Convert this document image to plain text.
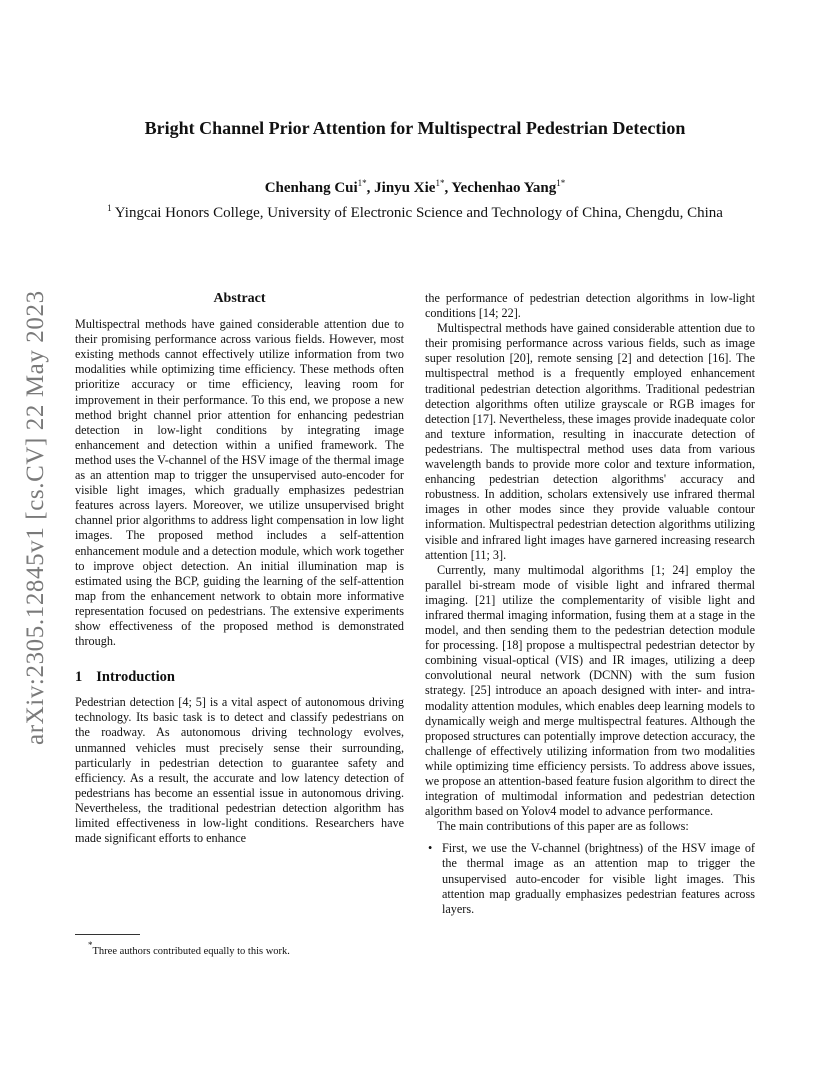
arXiv:2305.12845v1 [cs.CV] 22 May 2023
Bright Channel Prior Attention for Multispectral Pedestrian Detection
Chenhang Cui$^{1*}$, Jinyu Xie$^{1*}$, Yechenhao Yang$^{1*}$
$^1$ Yingcai Honors College, University of Electronic Science and Technology of China, Chengdu, China
Abstract

Multispectral methods have gained considerable attention due to their promising performance across various fields. However, most existing methods cannot effectively utilize information from two modalities while optimizing time efficiency. These methods often prioritize accuracy or time efficiency, leaving room for improvement in their performance. To this end, we propose a new method bright channel prior attention for enhancing pedestrian detection in low-light conditions by integrating image enhancement and detection within a unified framework. The method uses the V-channel of the HSV image of the thermal image as an attention map to trigger the unsupervised auto-encoder for visible light images, which gradually emphasizes pedestrian features across layers. Moreover, we utilize unsupervised bright channel prior algorithms to address light compensation in low light images. The proposed method includes a self-attention enhancement module and a detection module, which work together to improve object detection. An initial illumination map is estimated using the BCP, guiding the learning of the self-attention map from the enhancement network to obtain more informative representation focused on pedestrians. The extensive experiments show effectiveness of the proposed method is demonstrated through.

1 Introduction

Pedestrian detection [4; 5] is a vital aspect of autonomous driving technology. Its basic task is to detect and classify pedestrians on the roadway. As autonomous driving technology evolves, unmanned vehicles must precisely sense their surrounding, particularly in pedestrian detection to guarantee safety and efficiency. As a result, the accurate and low latency detection of pedestrians has become an essential issue in autonomous driving. Nevertheless, the traditional pedestrian detection algorithm has limited effectiveness in low-light conditions. Researchers have made significant efforts to enhance

the performance of pedestrian detection algorithms in low-light conditions [14; 22].

Multispectral methods have gained considerable attention due to their promising performance across various fields, such as image super resolution [20], remote sensing [2] and detection [16]. The multispectral method is a frequently employed enhancement traditional pedestrian detection algorithms. Traditional pedestrian detection algorithms often utilize grayscale or RGB images for detection [17]. Nevertheless, these images provide inadequate color and texture information, resulting in inaccurate detection of pedestrians. The multispectral method uses data from various wavelength bands to provide more color and texture information, enhancing pedestrian detection algorithms' accuracy and robustness. In addition, scholars extensively use infrared thermal images in other modes since they provide valuable contour information. Multispectral pedestrian detection algorithms utilizing visible and infrared light images have garnered increasing research attention [11; 3].

Currently, many multimodal algorithms [1; 24] employ the parallel bi-stream mode of visible light and infrared thermal imaging. [21] utilize the complementarity of visible light and infrared thermal imaging information, fusing them at a stage in the model, and then sending them to the pedestrian detection module for processing. [18] propose a multispectral pedestrian detector by combining visual-optical (VIS) and IR images, utilizing a deep convolutional neural network (DCNN) with the sum fusion strategy. [25] introduce an apoach designed with inter- and intra-modality attention modules, which enables deep learning models to dynamically weigh and merge multispectral features. Although the proposed structures can potentially improve detection accuracy, the challenge of effectively utilizing information from two modalities while optimizing time efficiency persists. To address above issues, we propose an attention-based feature fusion algorithm to direct the integration of multimodal information and pedestrian detection algorithm based on Yolov4 model to advance performance.

The main contributions of this paper are as follows:

• First, we use the V-channel (brightness) of the HSV image of the thermal image as an attention map to trigger the unsupervised auto-encoder for visible light images. This attention map gradually emphasizes pedestrian features across layers.
*Three authors contributed equally to this work.
